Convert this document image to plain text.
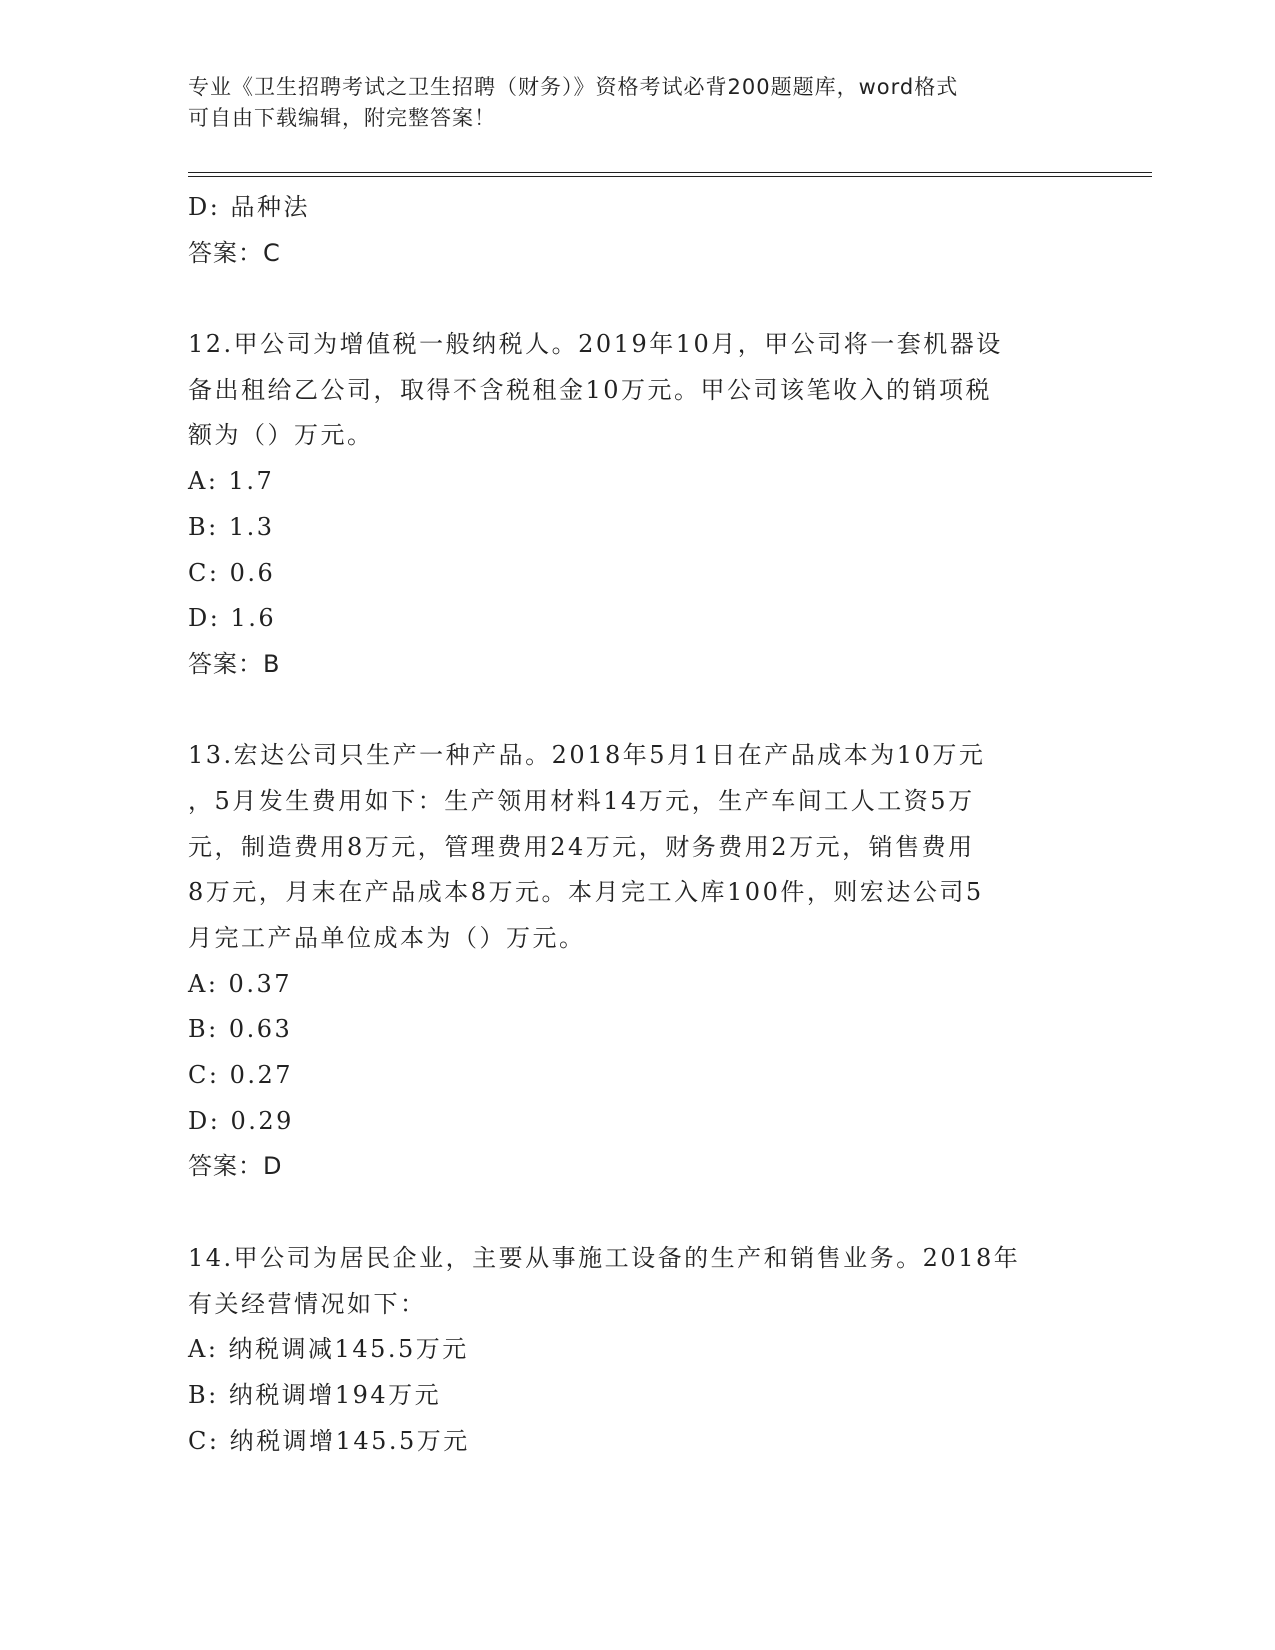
专业《卫生招聘考试之卫生招聘（财务）》资格考试必背200题题库，word格式
可自由下载编辑，附完整答案！
D: 品种法
答案：C
12.甲公司为增值税一般纳税人。2019年10月，甲公司将一套机器设
备出租给乙公司，取得不含税租金10万元。甲公司该笔收入的销项税
额为（）万元。
A: 1.7
B: 1.3
C: 0.6
D: 1.6
答案：B
13.宏达公司只生产一种产品。2018年5月1日在产品成本为10万元
，5月发生费用如下：生产领用材料14万元，生产车间工人工资5万
元，制造费用8万元，管理费用24万元，财务费用2万元，销售费用
8万元，月末在产品成本8万元。本月完工入库100件，则宏达公司5
月完工产品单位成本为（）万元。
A: 0.37
B: 0.63
C: 0.27
D: 0.29
答案：D
14.甲公司为居民企业，主要从事施工设备的生产和销售业务。2018年
有关经营情况如下：
A: 纳税调减145.5万元
B: 纳税调增194万元
C: 纳税调增145.5万元
